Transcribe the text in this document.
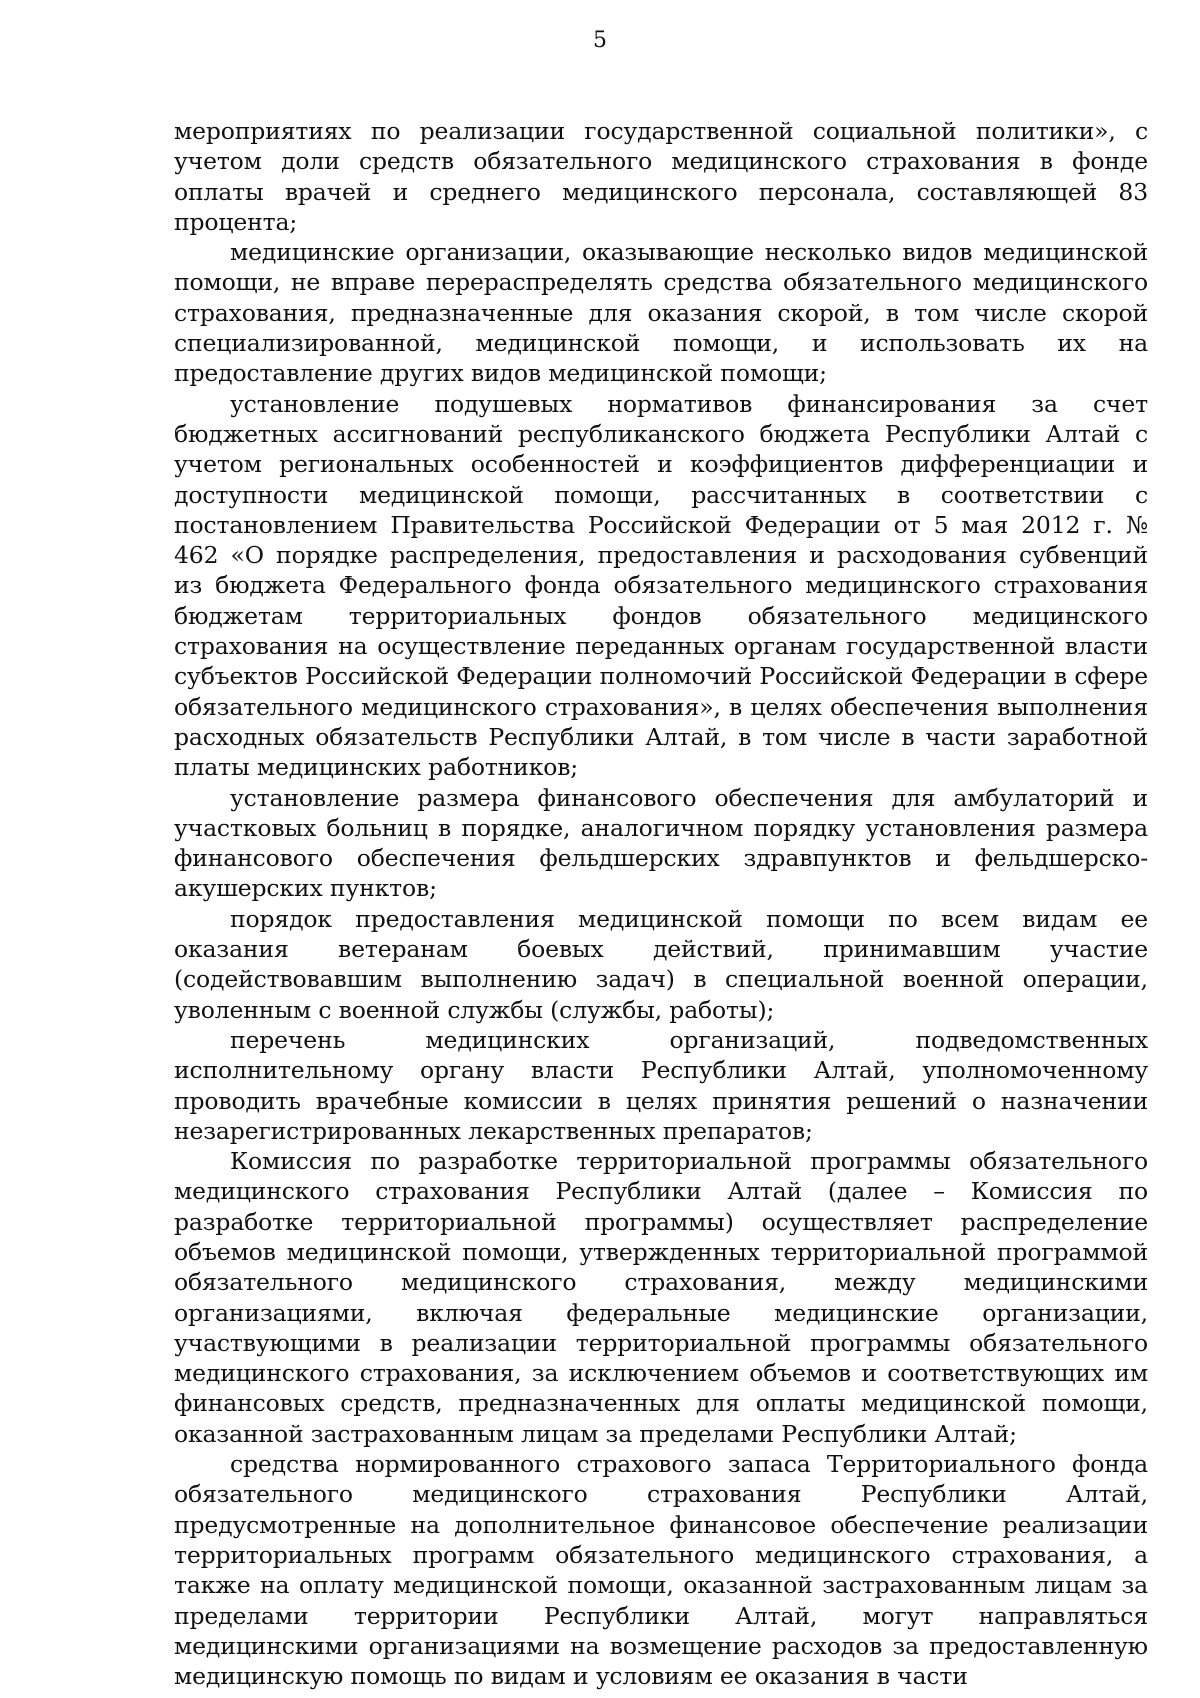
5

мероприятиях по реализации государственной социальной политики», с учетом доли средств обязательного медицинского страхования в фонде оплаты врачей и среднего медицинского персонала, составляющей 83 процента;

медицинские организации, оказывающие несколько видов медицинской помощи, не вправе перераспределять средства обязательного медицинского страхования, предназначенные для оказания скорой, в том числе скорой специализированной, медицинской помощи, и использовать их на предоставление других видов медицинской помощи;

установление подушевых нормативов финансирования за счет бюджетных ассигнований республиканского бюджета Республики Алтай с учетом региональных особенностей и коэффициентов дифференциации и доступности медицинской помощи, рассчитанных в соответствии с постановлением Правительства Российской Федерации от 5 мая 2012 г. № 462 «О порядке распределения, предоставления и расходования субвенций из бюджета Федерального фонда обязательного медицинского страхования бюджетам территориальных фондов обязательного медицинского страхования на осуществление переданных органам государственной власти субъектов Российской Федерации полномочий Российской Федерации в сфере обязательного медицинского страхования», в целях обеспечения выполнения расходных обязательств Республики Алтай, в том числе в части заработной платы медицинских работников;

установление размера финансового обеспечения для амбулаторий и участковых больниц в порядке, аналогичном порядку установления размера финансового обеспечения фельдшерских здравпунктов и фельдшерско-акушерских пунктов;

порядок предоставления медицинской помощи по всем видам ее оказания ветеранам боевых действий, принимавшим участие (содействовавшим выполнению задач) в специальной военной операции, уволенным с военной службы (службы, работы);

перечень медицинских организаций, подведомственных исполнительному органу власти Республики Алтай, уполномоченному проводить врачебные комиссии в целях принятия решений о назначении незарегистрированных лекарственных препаратов;

Комиссия по разработке территориальной программы обязательного медицинского страхования Республики Алтай (далее – Комиссия по разработке территориальной программы) осуществляет распределение объемов медицинской помощи, утвержденных территориальной программой обязательного медицинского страхования, между медицинскими организациями, включая федеральные медицинские организации, участвующими в реализации территориальной программы обязательного медицинского страхования, за исключением объемов и соответствующих им финансовых средств, предназначенных для оплаты медицинской помощи, оказанной застрахованным лицам за пределами Республики Алтай;

средства нормированного страхового запаса Территориального фонда обязательного медицинского страхования Республики Алтай, предусмотренные на дополнительное финансовое обеспечение реализации территориальных программ обязательного медицинского страхования, а также на оплату медицинской помощи, оказанной застрахованным лицам за пределами территории Республики Алтай, могут направляться медицинскими организациями на возмещение расходов за предоставленную медицинскую помощь по видам и условиям ее оказания в части
